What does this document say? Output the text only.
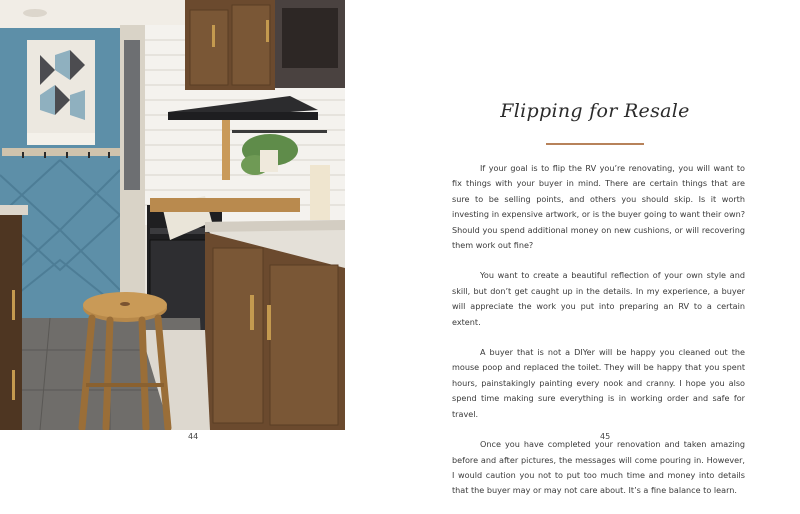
44
Flipping for Resale

If your goal is to flip the RV you’re renovating, you will want to fix things with your buyer in mind. There are certain things that are sure to be selling points, and others you should skip. Is it worth investing in expensive artwork, or is the buyer going to want their own? Should you spend additional money on new cushions, or will recovering them work out fine?

You want to create a beautiful reflection of your own style and skill, but don’t get caught up in the details. In my experience, a buyer will appreciate the work you put into preparing an RV to a certain extent.

A buyer that is not a DIYer will be happy you cleaned out the mouse poop and replaced the toilet. They will be happy that you spent hours, painstakingly painting every nook and cranny. I hope you also spend time making sure everything is in working order and safe for travel.

Once you have completed your renovation and taken amazing before and after pictures, the messages will come pouring in. However, I would caution you not to put too much time and money into details that the buyer may or may not care about. It’s a fine balance to learn.

45
